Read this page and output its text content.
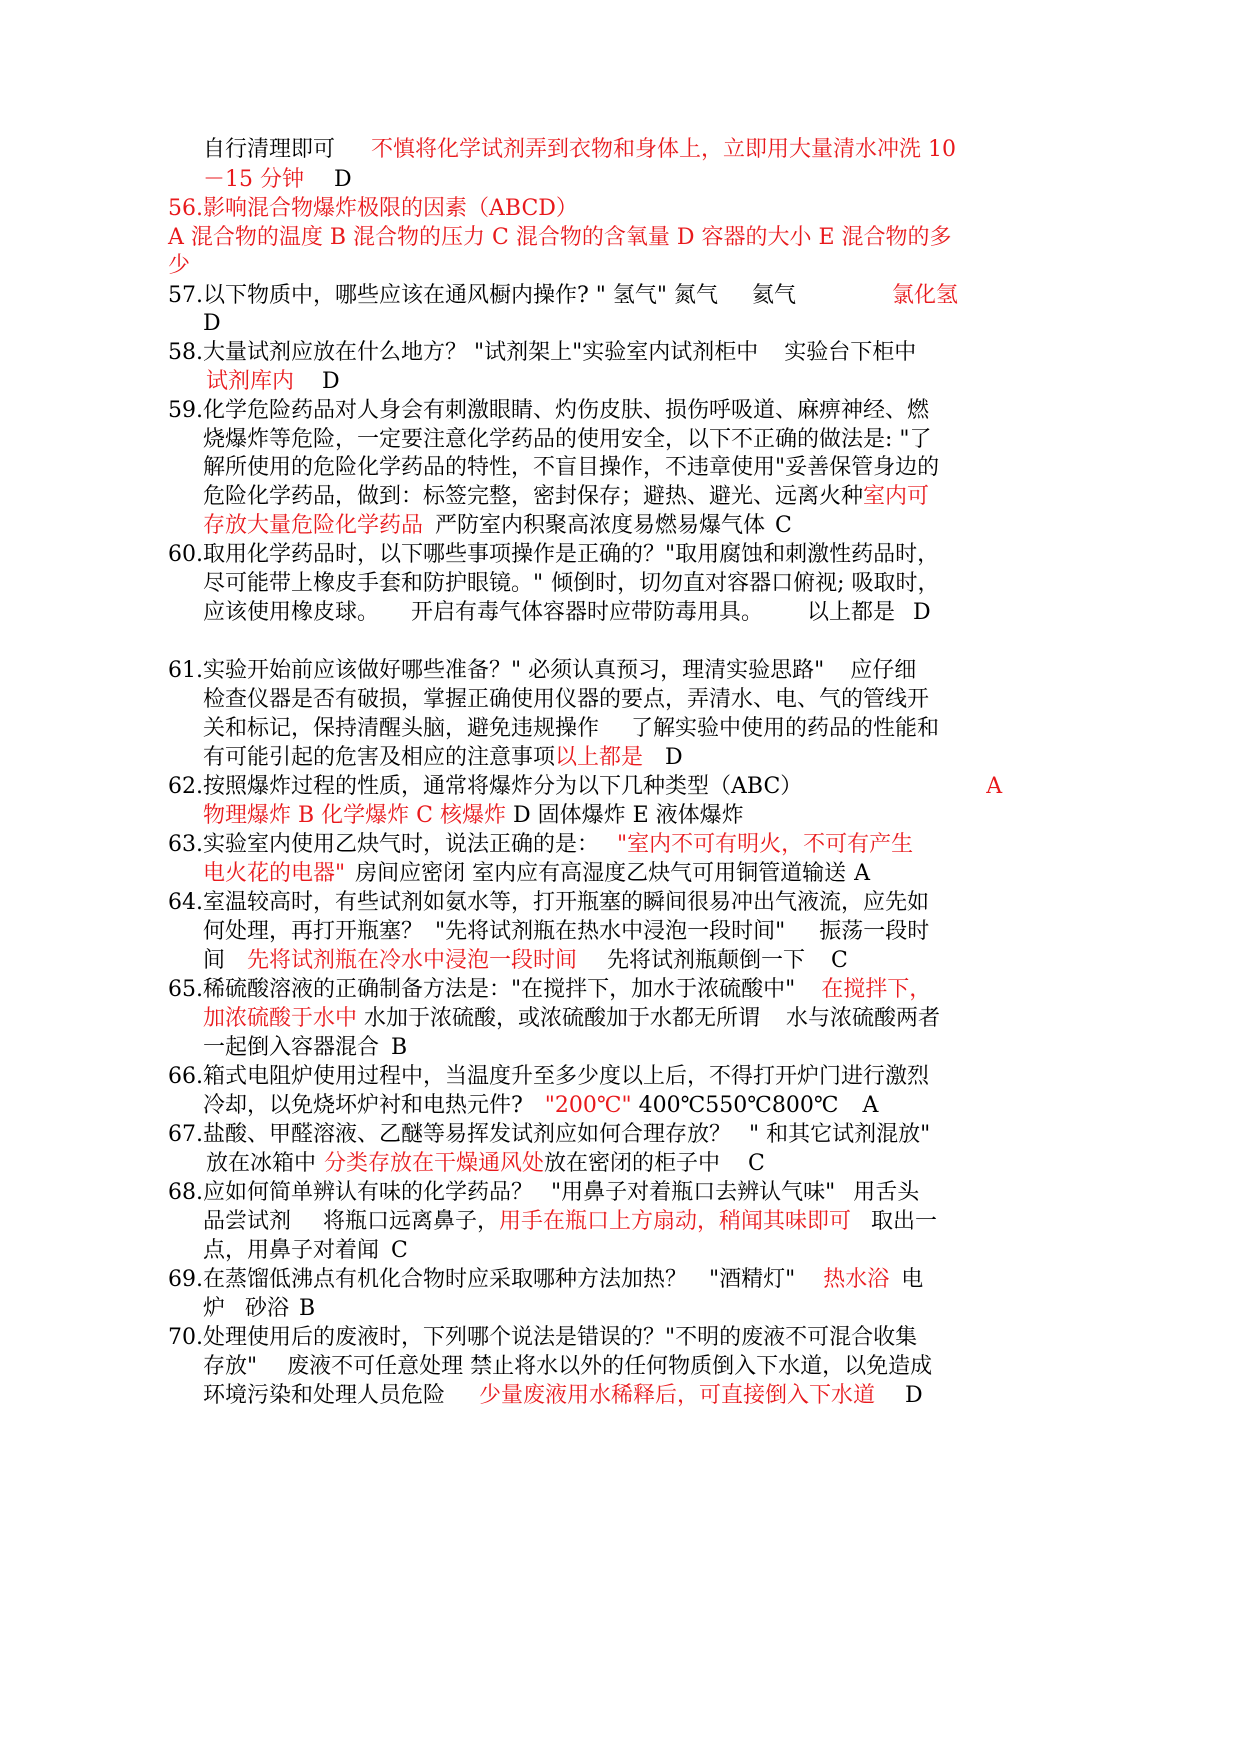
自行清理即可 不慎将化学试剂弄到衣物和身体上，立即用大量清水冲洗 10
－15 分钟 D
56.影响混合物爆炸极限的因素（ABCD）
A 混合物的温度 B 混合物的压力 C 混合物的含氧量 D 容器的大小 E 混合物的多
少
57.以下物质中，哪些应该在通风橱内操作? " 氢气" 氮气 氦气	氯化氢
D
58.大量试剂应放在什么地方？ "试剂架上"实验室内试剂柜中 实验台下柜中
试剂库内 D
59.化学危险药品对人身会有刺激眼睛、灼伤皮肤、损伤呼吸道、麻痹神经、燃
烧爆炸等危险，一定要注意化学药品的使用安全，以下不正确的做法是: "了
解所使用的危险化学药品的特性，不盲目操作，不违章使用"妥善保管身边的
危险化学药品，做到：标签完整，密封保存；避热、避光、远离火种室内可
存放大量危险化学药品 严防室内积聚高浓度易燃易爆气体 C
60.取用化学药品时，以下哪些事项操作是正确的？"取用腐蚀和刺激性药品时，
尽可能带上橡皮手套和防护眼镜。" 倾倒时，切勿直对容器口俯视; 吸取时，
应该使用橡皮球。 开启有毒气体容器时应带防毒用具。 以上都是 D
61.实验开始前应该做好哪些准备？" 必须认真预习，理清实验思路" 应仔细
检查仪器是否有破损，掌握正确使用仪器的要点，弄清水、电、气的管线开
关和标记，保持清醒头脑，避免违规操作 了解实验中使用的药品的性能和
有可能引起的危害及相应的注意事项以上都是 D
62.按照爆炸过程的性质，通常将爆炸分为以下几种类型（ABC）	A
物理爆炸 B 化学爆炸 C 核爆炸 D 固体爆炸 E 液体爆炸
63.实验室内使用乙炔气时，说法正确的是： "室内不可有明火，不可有产生
电火花的电器" 房间应密闭 室内应有高湿度乙炔气可用铜管道输送 A
64.室温较高时，有些试剂如氨水等，打开瓶塞的瞬间很易冲出气液流，应先如
何处理，再打开瓶塞？ "先将试剂瓶在热水中浸泡一段时间" 振荡一段时
间 先将试剂瓶在冷水中浸泡一段时间 先将试剂瓶颠倒一下 C
65.稀硫酸溶液的正确制备方法是："在搅拌下，加水于浓硫酸中" 在搅拌下，
加浓硫酸于水中 水加于浓硫酸，或浓硫酸加于水都无所谓 水与浓硫酸两者
一起倒入容器混合 B
66.箱式电阻炉使用过程中，当温度升至多少度以上后，不得打开炉门进行激烈
冷却，以免烧坏炉衬和电热元件? "200℃" 400℃550℃800℃ A
67.盐酸、甲醛溶液、乙醚等易挥发试剂应如何合理存放？ " 和其它试剂混放"
放在冰箱中 分类存放在干燥通风处放在密闭的柜子中 C
68.应如何简单辨认有味的化学药品？ "用鼻子对着瓶口去辨认气味" 用舌头
品尝试剂 将瓶口远离鼻子，用手在瓶口上方扇动，稍闻其味即可 取出一
点，用鼻子对着闻 C
69.在蒸馏低沸点有机化合物时应采取哪种方法加热？ "酒精灯" 热水浴 电
炉 砂浴 B
70.处理使用后的废液时，下列哪个说法是错误的？"不明的废液不可混合收集
存放" 废液不可任意处理 禁止将水以外的任何物质倒入下水道，以免造成
环境污染和处理人员危险 少量废液用水稀释后，可直接倒入下水道 D
